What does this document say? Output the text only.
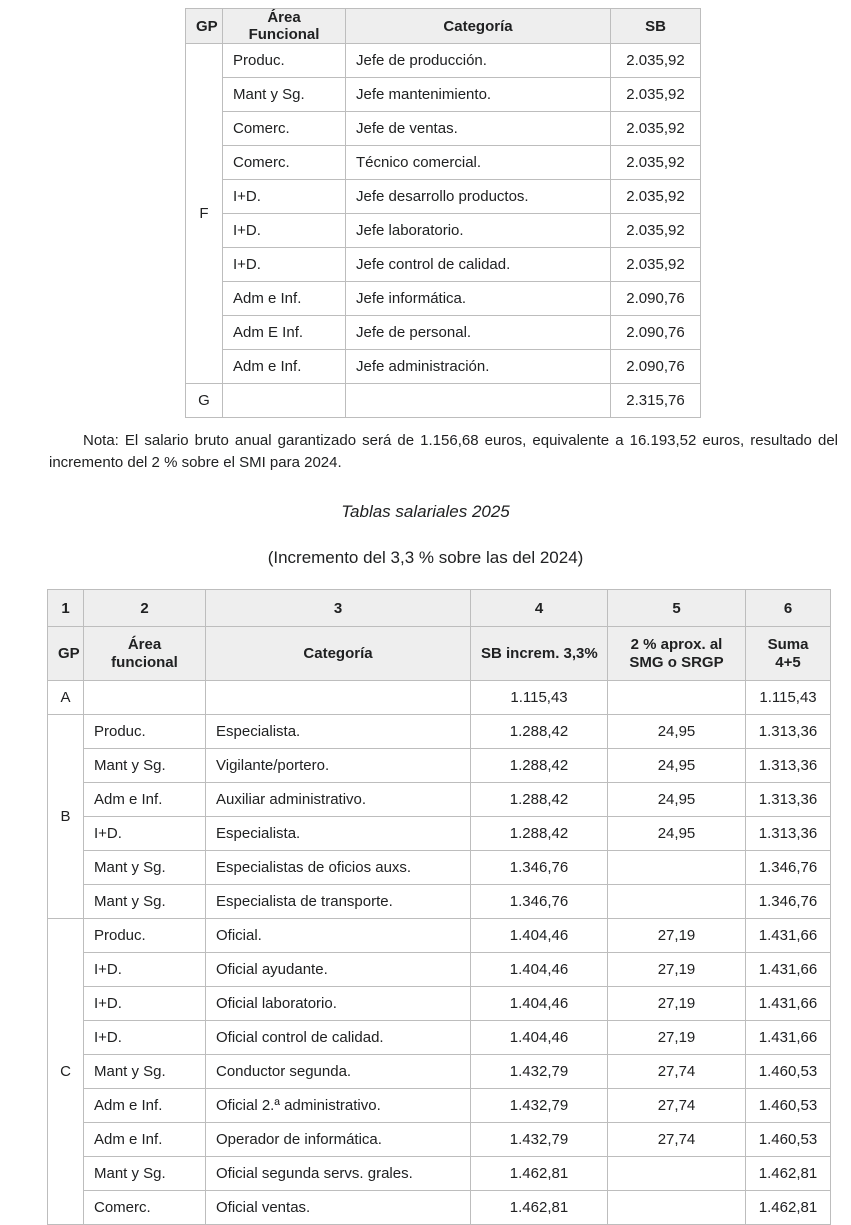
GP	Área Funcional	Categoría	SB
F	Produc.	Jefe de producción.	2.035,92
	Mant y Sg.	Jefe mantenimiento.	2.035,92
	Comerc.	Jefe de ventas.	2.035,92
	Comerc.	Técnico comercial.	2.035,92
	I+D.	Jefe desarrollo productos.	2.035,92
	I+D.	Jefe laboratorio.	2.035,92
	I+D.	Jefe control de calidad.	2.035,92
	Adm e Inf.	Jefe informática.	2.090,76
	Adm E Inf.	Jefe de personal.	2.090,76
	Adm e Inf.	Jefe administración.	2.090,76
G			2.315,76

Nota: El salario bruto anual garantizado será de 1.156,68 euros, equivalente a 16.193,52 euros, resultado del incremento del 2 % sobre el SMI para 2024.

Tablas salariales 2025

(Incremento del 3,3 % sobre las del 2024)

1	2	3	4	5	6
GP	Área funcional	Categoría	SB increm. 3,3%	2 % aprox. al SMG o SRGP	Suma 4+5
A			1.115,43		1.115,43
B	Produc.	Especialista.	1.288,42	24,95	1.313,36
	Mant y Sg.	Vigilante/portero.	1.288,42	24,95	1.313,36
	Adm e Inf.	Auxiliar administrativo.	1.288,42	24,95	1.313,36
	I+D.	Especialista.	1.288,42	24,95	1.313,36
	Mant y Sg.	Especialistas de oficios auxs.	1.346,76		1.346,76
	Mant y Sg.	Especialista de transporte.	1.346,76		1.346,76
C	Produc.	Oficial.	1.404,46	27,19	1.431,66
	I+D.	Oficial ayudante.	1.404,46	27,19	1.431,66
	I+D.	Oficial laboratorio.	1.404,46	27,19	1.431,66
	I+D.	Oficial control de calidad.	1.404,46	27,19	1.431,66
	Mant y Sg.	Conductor segunda.	1.432,79	27,74	1.460,53
	Adm e Inf.	Oficial 2.ª administrativo.	1.432,79	27,74	1.460,53
	Adm e Inf.	Operador de informática.	1.432,79	27,74	1.460,53
	Mant y Sg.	Oficial segunda servs. grales.	1.462,81		1.462,81
	Comerc.	Oficial ventas.	1.462,81		1.462,81
